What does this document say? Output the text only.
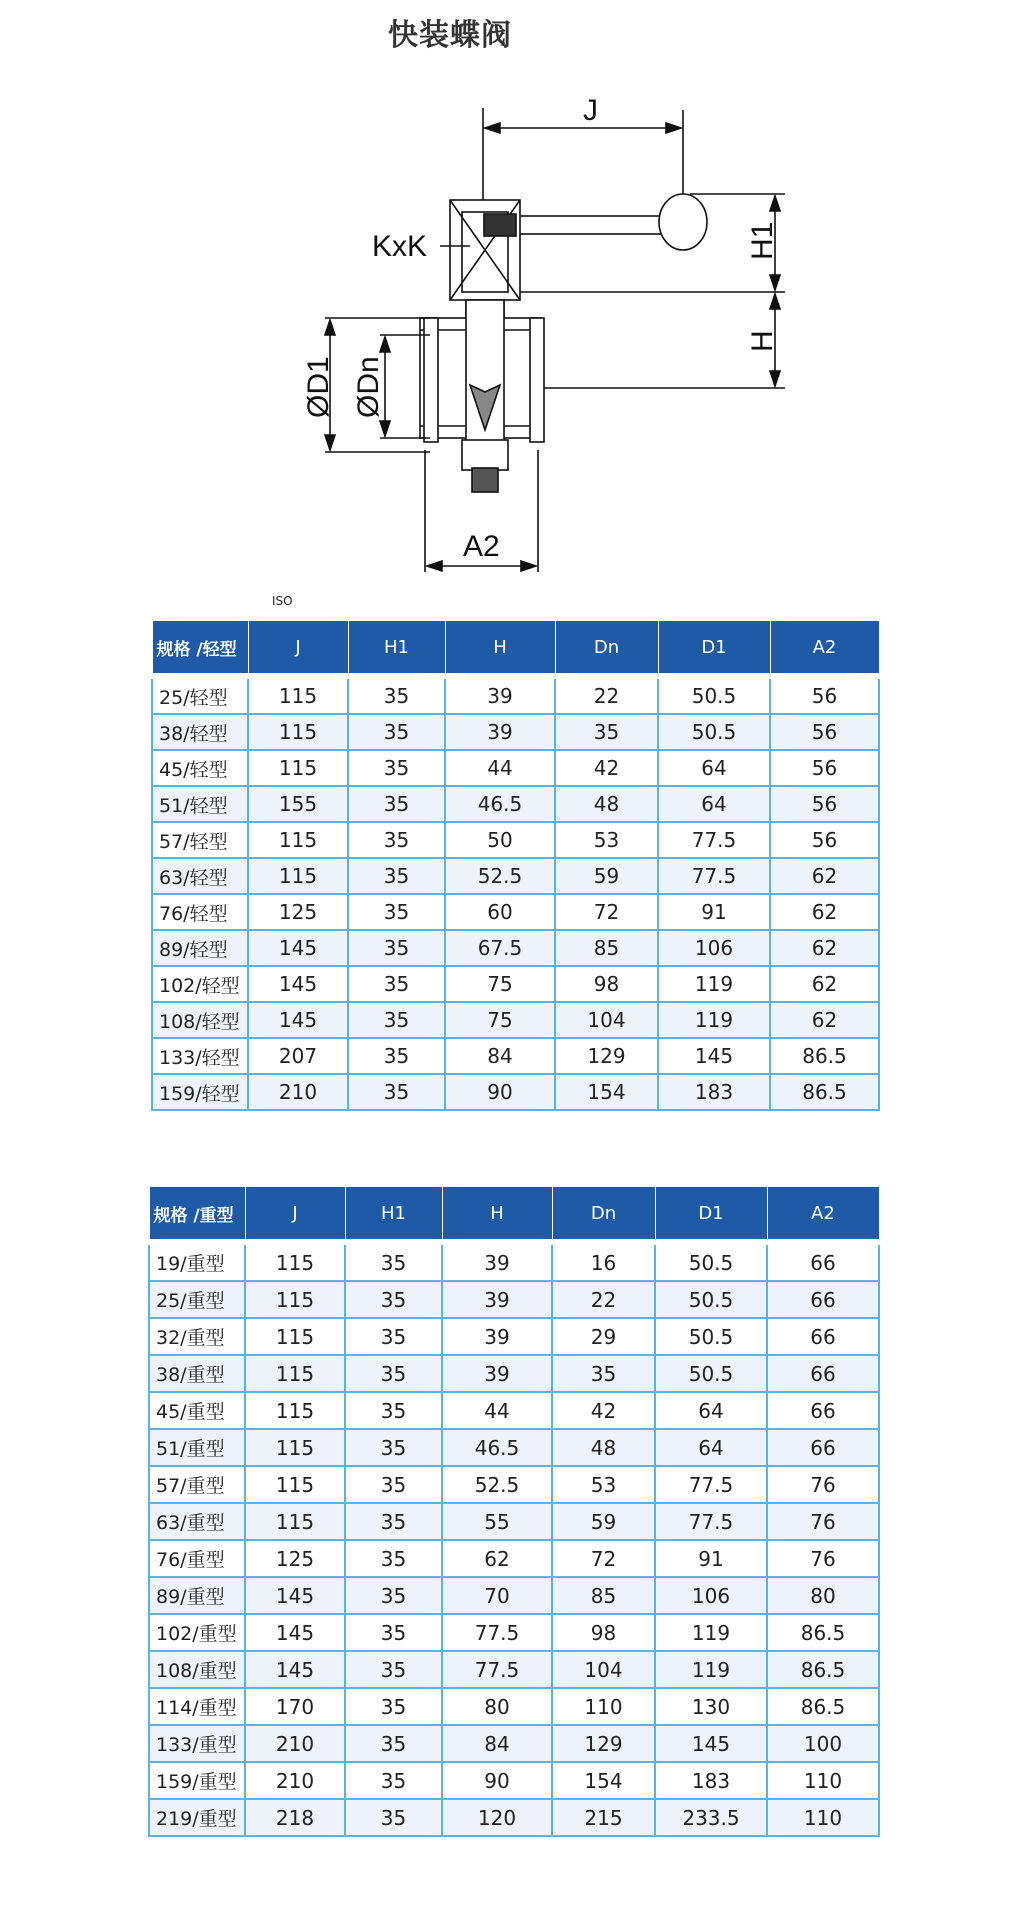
快装蝶阀
J
H1
H
KxK
ØD1 ØDn
A2
ISO
规格 /轻型	J	H1	H	Dn	D1	A2
25/轻型	115	35	39	22	50.5	56
38/轻型	115	35	39	35	50.5	56
45/轻型	115	35	44	42	64	56
51/轻型	155	35	46.5	48	64	56
57/轻型	115	35	50	53	77.5	56
63/轻型	115	35	52.5	59	77.5	62
76/轻型	125	35	60	72	91	62
89/轻型	145	35	67.5	85	106	62
102/轻型	145	35	75	98	119	62
108/轻型	145	35	75	104	119	62
133/轻型	207	35	84	129	145	86.5
159/轻型	210	35	90	154	183	86.5
规格 /重型	J	H1	H	Dn	D1	A2
19/重型	115	35	39	16	50.5	66
25/重型	115	35	39	22	50.5	66
32/重型	115	35	39	29	50.5	66
38/重型	115	35	39	35	50.5	66
45/重型	115	35	44	42	64	66
51/重型	115	35	46.5	48	64	66
57/重型	115	35	52.5	53	77.5	76
63/重型	115	35	55	59	77.5	76
76/重型	125	35	62	72	91	76
89/重型	145	35	70	85	106	80
102/重型	145	35	77.5	98	119	86.5
108/重型	145	35	77.5	104	119	86.5
114/重型	170	35	80	110	130	86.5
133/重型	210	35	84	129	145	100
159/重型	210	35	90	154	183	110
219/重型	218	35	120	215	233.5	110
